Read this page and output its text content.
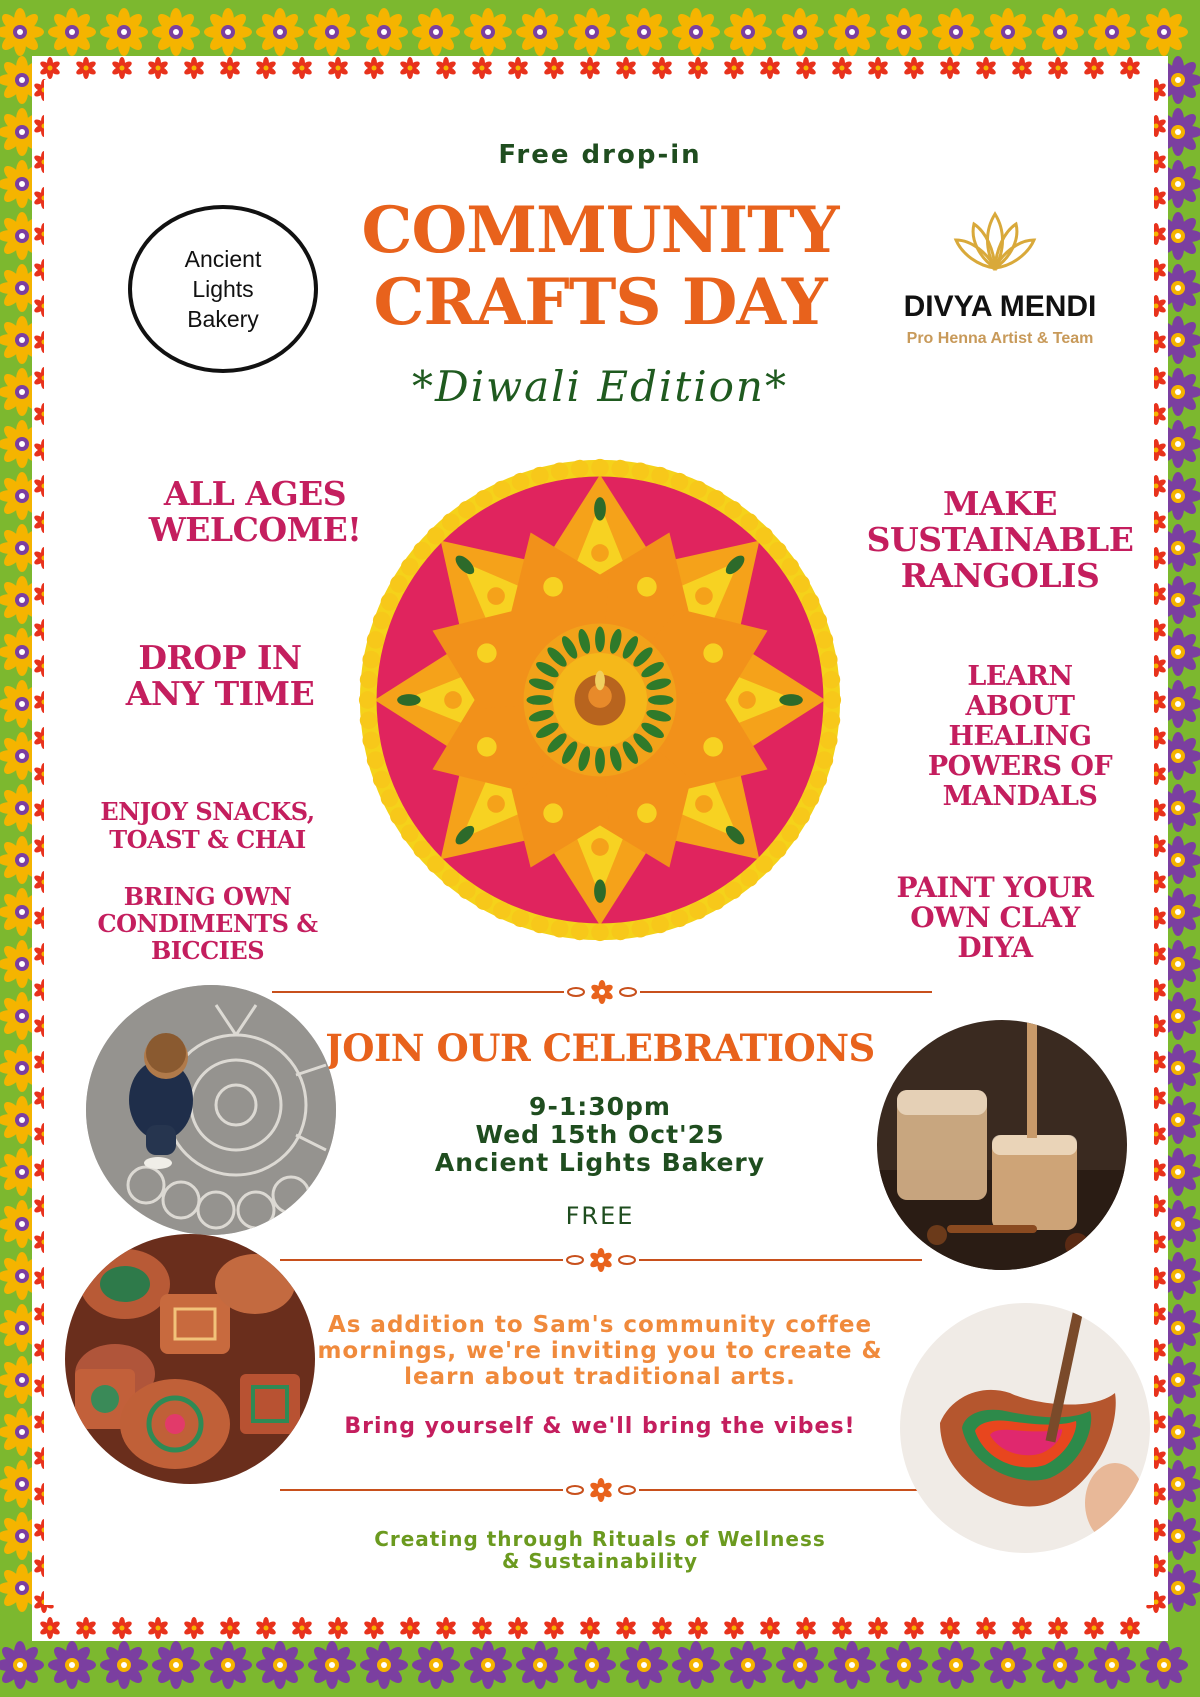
Free drop-in
COMMUNITY
CRAFTS DAY
*Diwali Edition*
Ancient
Lights
Bakery	DIVYA MENDI
Pro Henna Artist & Team
ALL AGES
WELCOME!
DROP IN
ANY TIME
ENJOY SNACKS,
TOAST & CHAI
BRING OWN
CONDIMENTS &
BICCIES
MAKE
SUSTAINABLE
RANGOLIS
LEARN
ABOUT
HEALING
POWERS OF
MANDALS
PAINT YOUR
OWN CLAY
DIYA
JOIN OUR CELEBRATIONS
9-1:30pm
Wed 15th Oct'25
Ancient Lights Bakery
FREE
As addition to Sam's community coffee
mornings, we're inviting you to create &
learn about traditional arts.
Bring yourself & we'll bring the vibes!
Creating through Rituals of Wellness
& Sustainability
